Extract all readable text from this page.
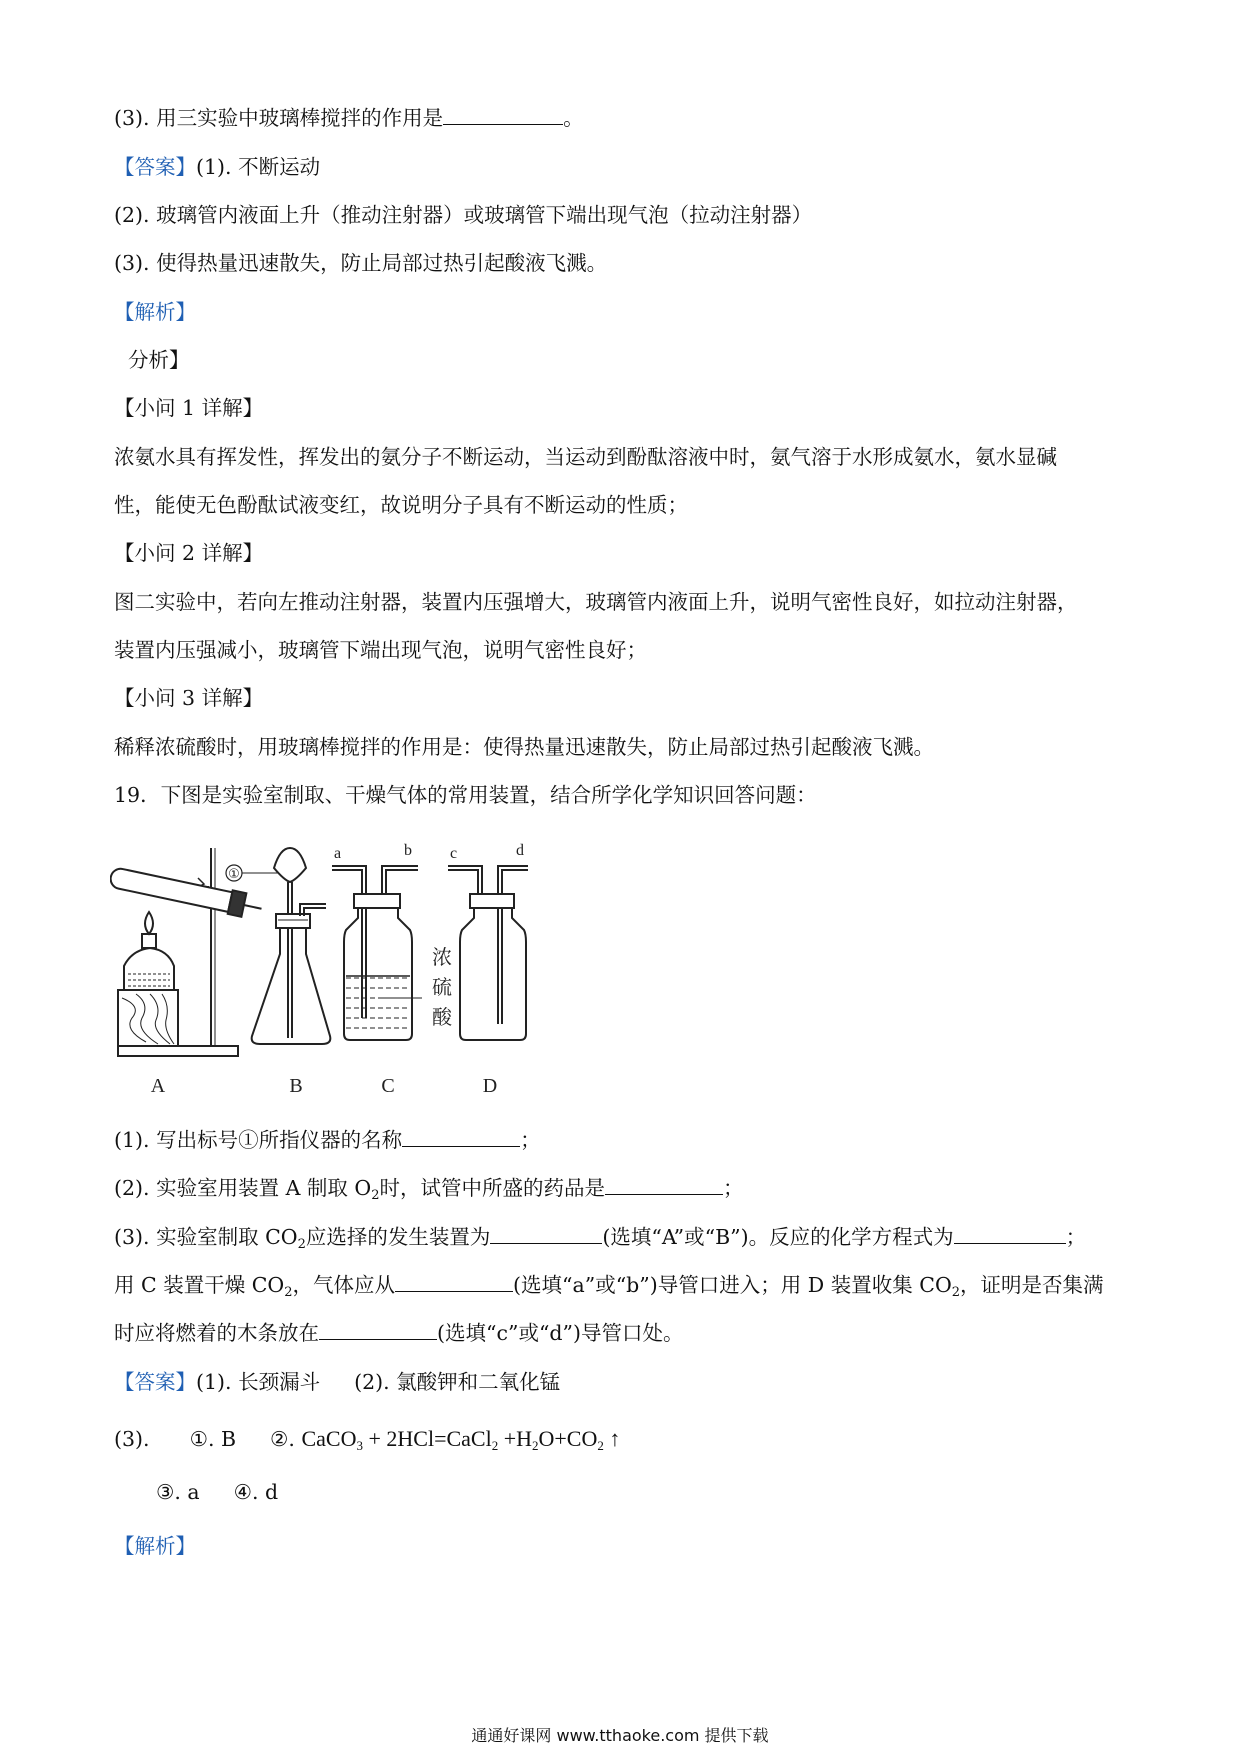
(3). 用三实验中玻璃棒搅拌的作用是	。
【答案】(1). 不断运动
(2). 玻璃管内液面上升（推动注射器）或玻璃管下端出现气泡（拉动注射器）
(3). 使得热量迅速散失，防止局部过热引起酸液飞溅。
【解析】
分析】
【小问 1 详解】
浓氨水具有挥发性，挥发出的氨分子不断运动，当运动到酚酞溶液中时，氨气溶于水形成氨水，氨水显碱
性，能使无色酚酞试液变红，故说明分子具有不断运动的性质；
【小问 2 详解】
图二实验中，若向左推动注射器，装置内压强增大，玻璃管内液面上升，说明气密性良好，如拉动注射器，
装置内压强减小，玻璃管下端出现气泡，说明气密性良好；
【小问 3 详解】
稀释浓硫酸时，用玻璃棒搅拌的作用是：使得热量迅速散失，防止局部过热引起酸液飞溅。
19．下图是实验室制取、干燥气体的常用装置，结合所学化学知识回答问题：
①
a	b
浓
硫
酸
c	d
A	B	C	D
(1). 写出标号①所指仪器的名称	；
(2). 实验室用装置 A 制取 $O_2$时，试管中所盛的药品是	；
(3). 实验室制取 $CO_2$应选择的发生装置为	(选填“A”或“B”)。反应的化学方程式为	；
用 C 装置干燥 $CO_2$，气体应从	(选填“a”或“b”)导管口进入；用 D 装置收集 $CO_2$，证明是否集满
时应将燃着的木条放在	(选填“c”或“d”)导管口处。
【答案】(1). 长颈漏斗 (2). 氯酸钾和二氧化锰
(3). ①. B ②. CaCO$_3$ + 2HCl=CaCl$_2$ $+H_2O+CO_2$ ↑
③. a ④. d
【解析】
通通好课网 www.tthaoke.com 提供下载
